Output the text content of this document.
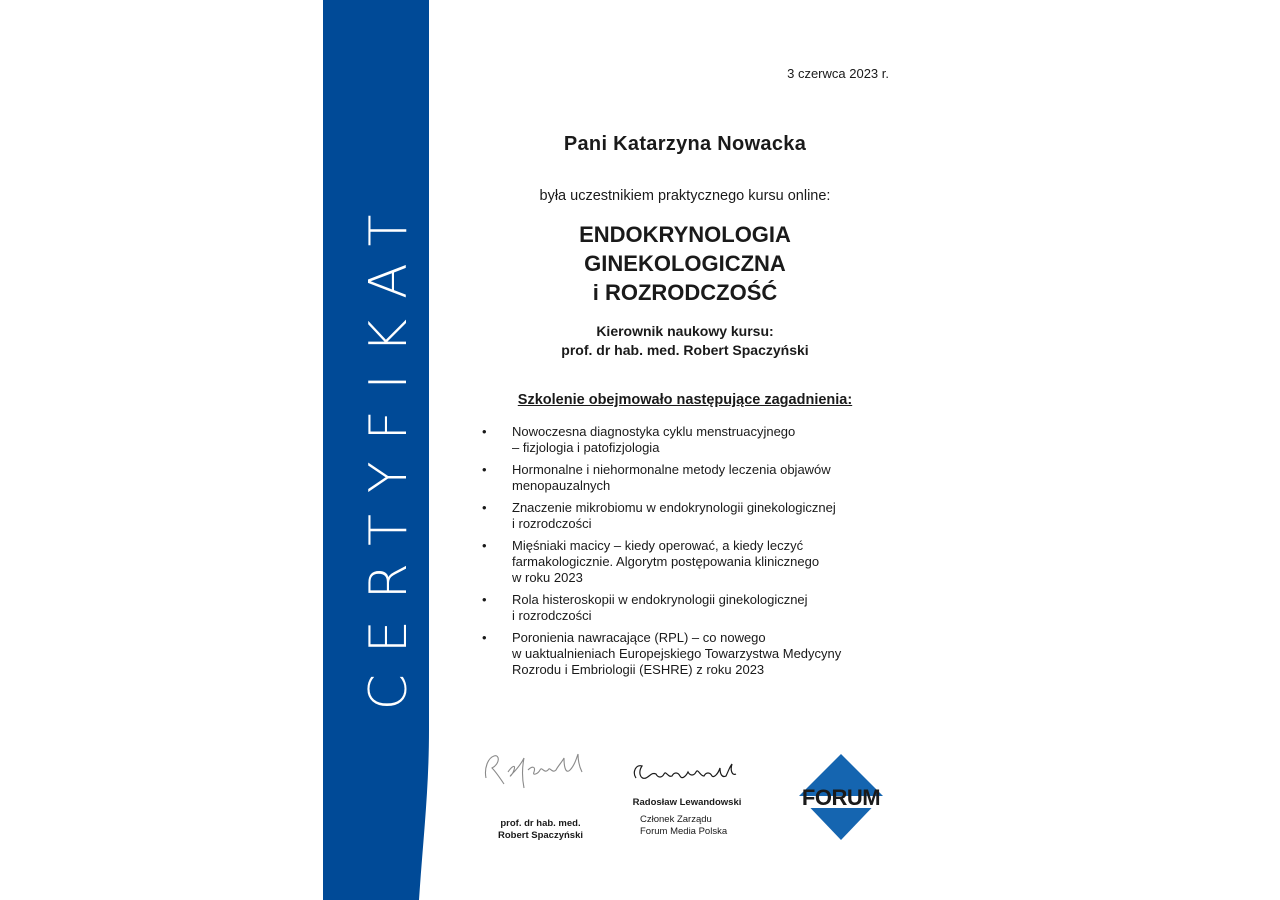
CERTYFIKAT
3 czerwca 2023 r.
Pani Katarzyna Nowacka
była uczestnikiem praktycznego kursu online:
ENDOKRYNOLOGIA
GINEKOLOGICZNA
i ROZRODCZOŚĆ
Kierownik naukowy kursu:
prof. dr hab. med. Robert Spaczyński
Szkolenie obejmowało następujące zagadnienia:
• Nowoczesna diagnostyka cyklu menstruacyjnego
– fizjologia i patofizjologia
• Hormonalne i niehormonalne metody leczenia objawów
menopauzalnych
• Znaczenie mikrobiomu w endokrynologii ginekologicznej
i rozrodczości
• Mięśniaki macicy – kiedy operować, a kiedy leczyć
farmakologicznie. Algorytm postępowania klinicznego
w roku 2023
• Rola histeroskopii w endokrynologii ginekologicznej
i rozrodczości
• Poronienia nawracające (RPL) – co nowego
w uaktualnieniach Europejskiego Towarzystwa Medycyny
Rozrodu i Embriologii (ESHRE) z roku 2023
prof. dr hab. med.
Robert Spaczyński
Radosław Lewandowski
Członek Zarządu
Forum Media Polska
FORUM
